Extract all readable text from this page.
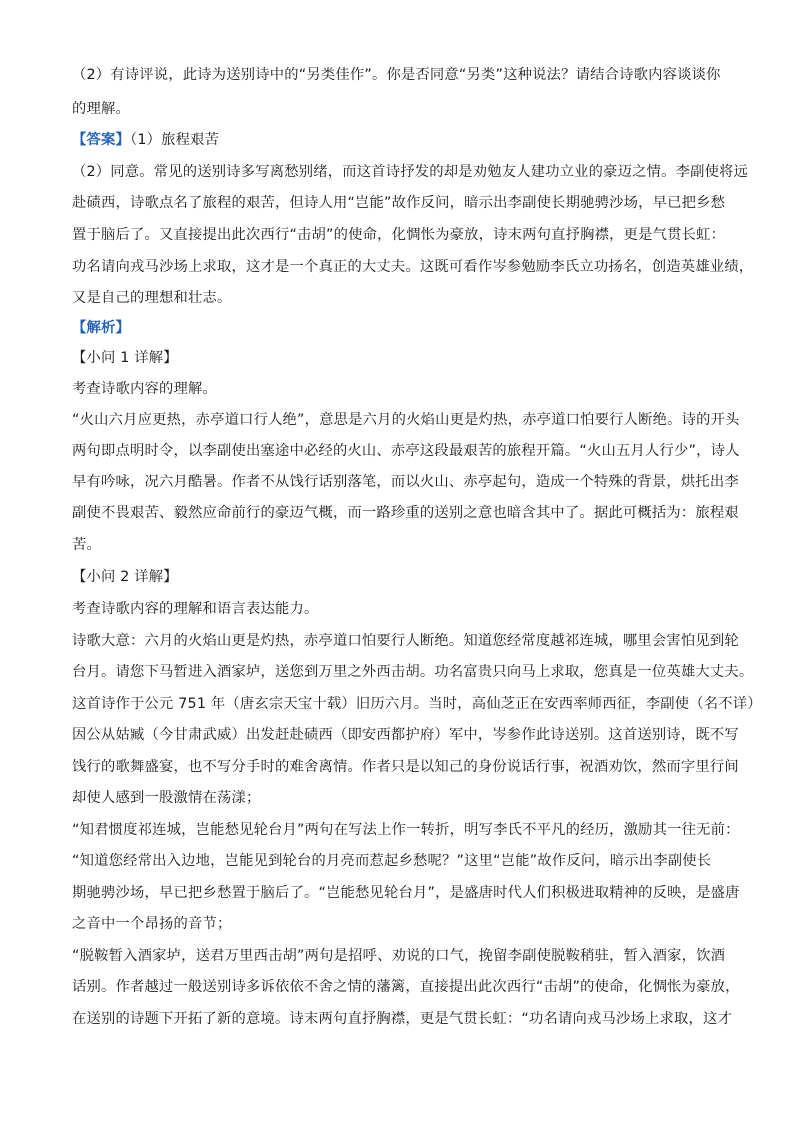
（2）有诗评说，此诗为送别诗中的“另类佳作”。你是否同意“另类”这种说法？请结合诗歌内容谈谈你
的理解。
【答案】（1）旅程艰苦
（2）同意。常见的送别诗多写离愁别绪，而这首诗抒发的却是劝勉友人建功立业的豪迈之情。李副使将远
赴碛西，诗歌点名了旅程的艰苦，但诗人用“岂能”故作反问，暗示出李副使长期驰骋沙场，早已把乡愁
置于脑后了。又直接提出此次西行“击胡”的使命，化惆怅为豪放，诗末两句直抒胸襟，更是气贯长虹：
功名请向戎马沙场上求取，这才是一个真正的大丈夫。这既可看作岑参勉励李氏立功扬名，创造英雄业绩，
又是自己的理想和壮志。
【解析】
【小问 1 详解】
考查诗歌内容的理解。
“火山六月应更热，赤亭道口行人绝”，意思是六月的火焰山更是灼热，赤亭道口怕要行人断绝。诗的开头
两句即点明时令，以李副使出塞途中必经的火山、赤亭这段最艰苦的旅程开篇。“火山五月人行少”，诗人
早有吟咏，况六月酷暑。作者不从饯行话别落笔，而以火山、赤亭起句，造成一个特殊的背景，烘托出李
副使不畏艰苦、毅然应命前行的豪迈气概，而一路珍重的送别之意也暗含其中了。据此可概括为：旅程艰
苦。
【小问 2 详解】
考查诗歌内容的理解和语言表达能力。
诗歌大意：六月的火焰山更是灼热，赤亭道口怕要行人断绝。知道您经常度越祁连城，哪里会害怕见到轮
台月。请您下马暂进入酒家垆，送您到万里之外西击胡。功名富贵只向马上求取，您真是一位英雄大丈夫。
这首诗作于公元 751 年（唐玄宗天宝十载）旧历六月。当时，高仙芝正在安西率师西征，李副使（名不详）
因公从姑臧（今甘肃武威）出发赶赴碛西（即安西都护府）军中，岑参作此诗送别。这首送别诗，既不写
饯行的歌舞盛宴，也不写分手时的难舍离情。作者只是以知己的身份说话行事，祝酒劝饮，然而字里行间
却使人感到一股激情在荡漾；
“知君惯度祁连城，岂能愁见轮台月”两句在写法上作一转折，明写李氏不平凡的经历，激励其一往无前：
“知道您经常出入边地，岂能见到轮台的月亮而惹起乡愁呢？”这里“岂能”故作反问，暗示出李副使长
期驰骋沙场，早已把乡愁置于脑后了。“岂能愁见轮台月”，是盛唐时代人们积极进取精神的反映，是盛唐
之音中一个昂扬的音节；
“脱鞍暂入酒家垆，送君万里西击胡”两句是招呼、劝说的口气，挽留李副使脱鞍稍驻，暂入酒家，饮酒
话别。作者越过一般送别诗多诉依依不舍之情的藩篱，直接提出此次西行“击胡”的使命，化惆怅为豪放，
在送别的诗题下开拓了新的意境。诗末两句直抒胸襟，更是气贯长虹：“功名请向戎马沙场上求取，这才
